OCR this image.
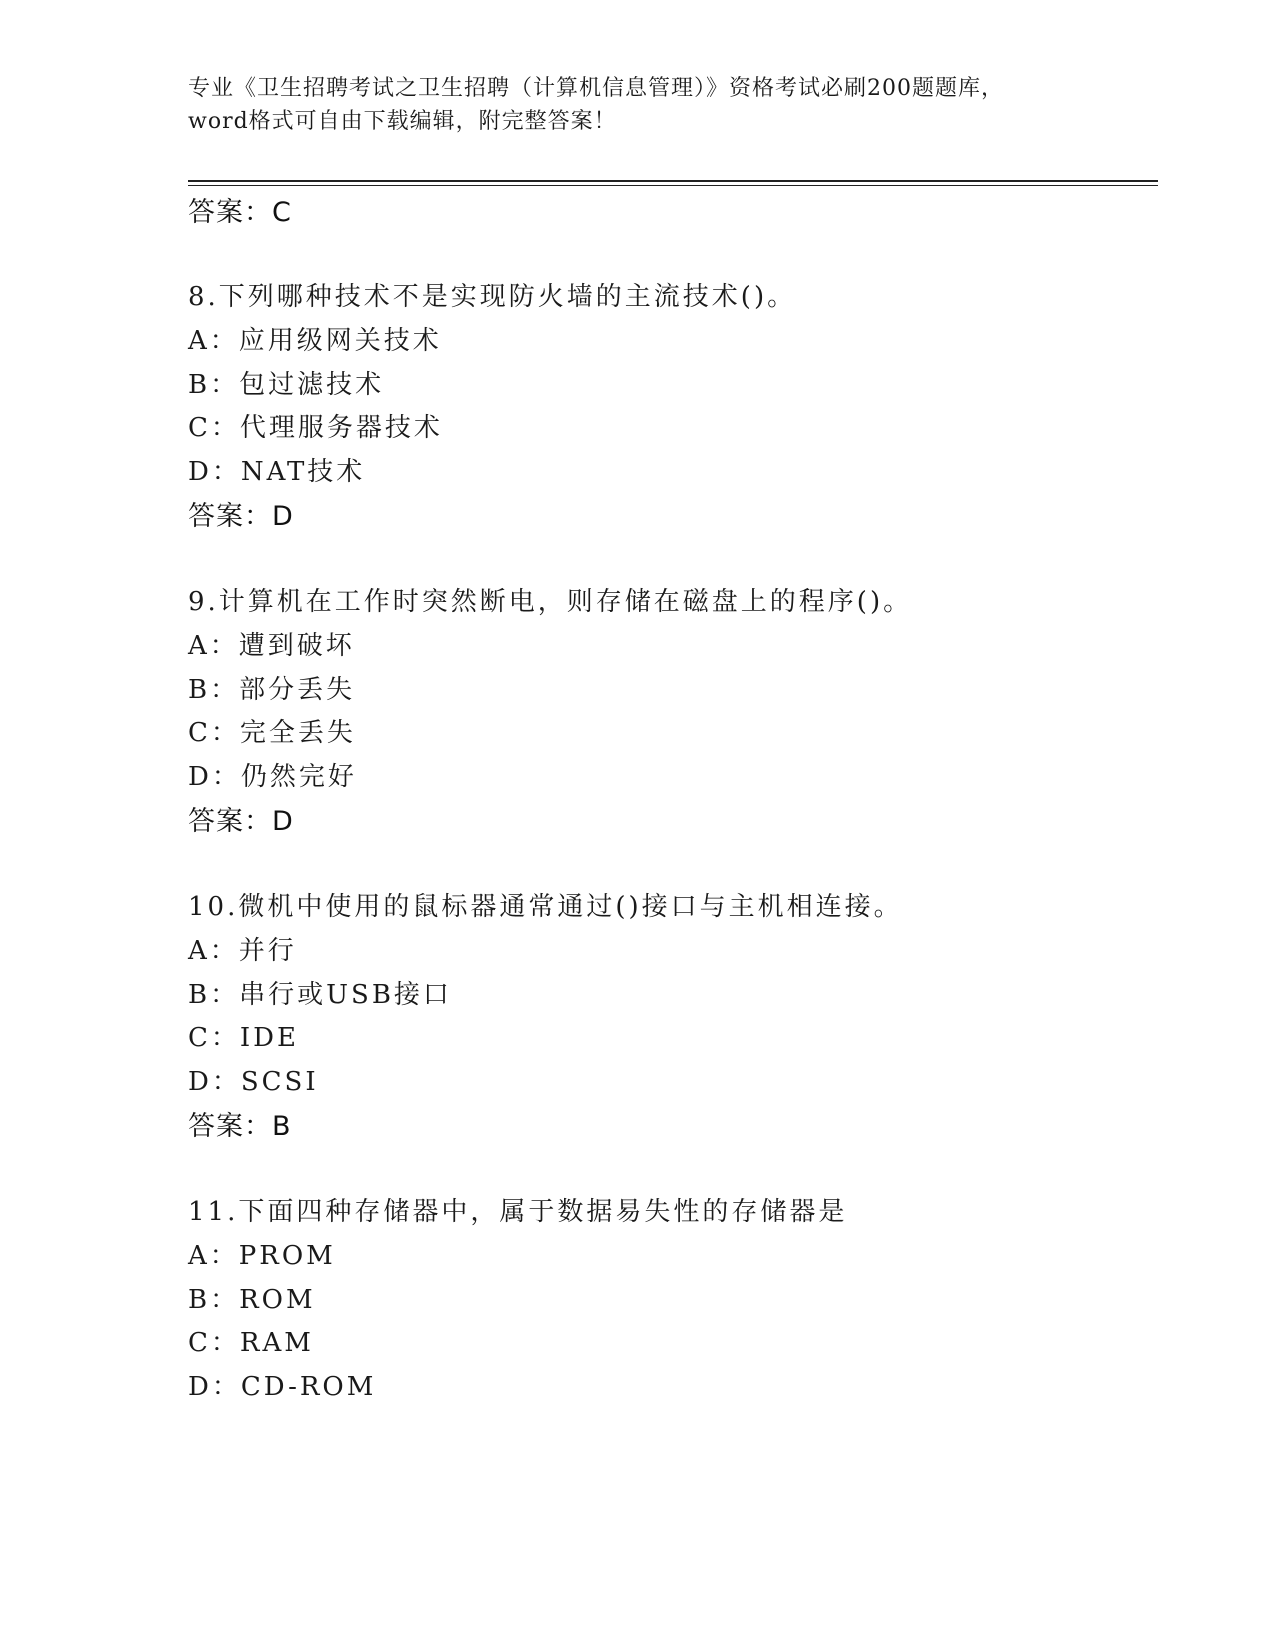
专业《卫生招聘考试之卫生招聘（计算机信息管理）》资格考试必刷200题题库，
word格式可自由下载编辑，附完整答案！
答案：C
8.下列哪种技术不是实现防火墙的主流技术()。
A：应用级网关技术
B：包过滤技术
C：代理服务器技术
D：NAT技术
答案：D
9.计算机在工作时突然断电，则存储在磁盘上的程序()。
A：遭到破坏
B：部分丢失
C：完全丢失
D：仍然完好
答案：D
10.微机中使用的鼠标器通常通过()接口与主机相连接。
A：并行
B：串行或USB接口
C：IDE
D：SCSI
答案：B
11.下面四种存储器中，属于数据易失性的存储器是
A：PROM
B：ROM
C：RAM
D：CD-ROM
